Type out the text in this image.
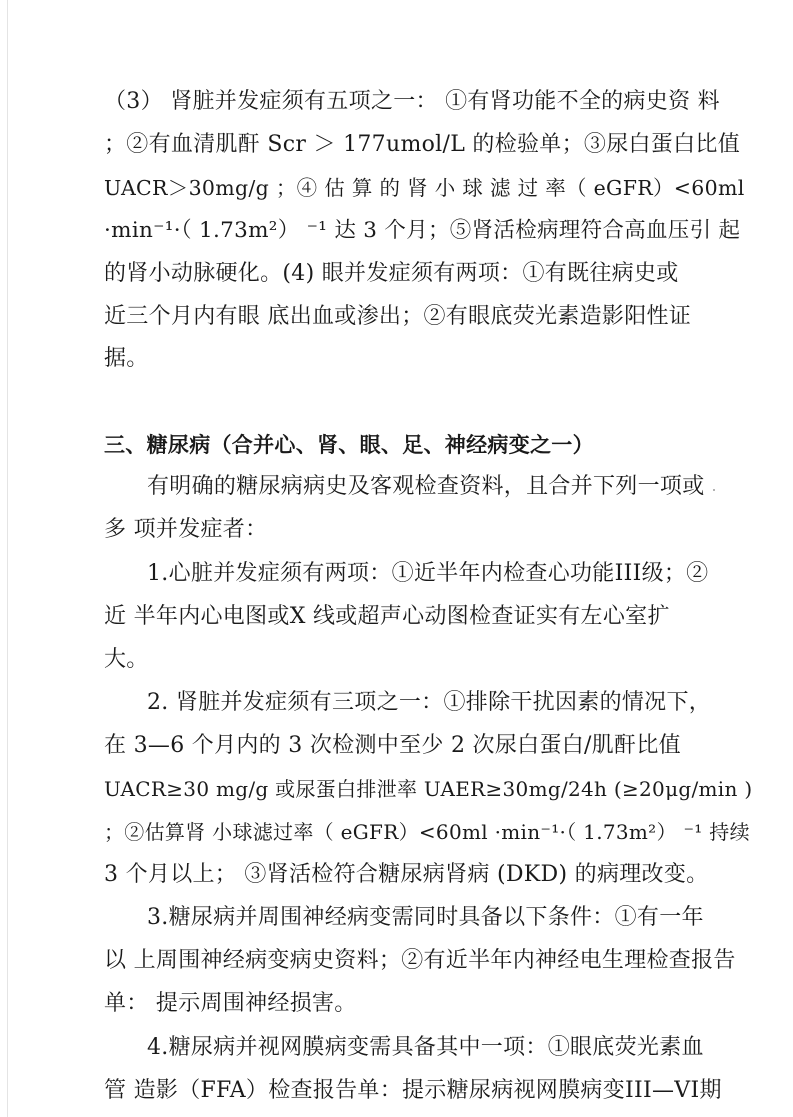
（3） 肾脏并发症须有五项之一： ①有肾功能不全的病史资 料
；②有血清肌酐 Scr ＞ 177umol/L 的检验单；③尿白蛋白比值
UACR＞30mg/g ；④ 估 算 的 肾 小 球 滤 过 率（ eGFR）<60ml
·min⁻¹·（ 1.73m²） ⁻¹ 达 3 个月；⑤肾活检病理符合高血压引 起
的肾小动脉硬化。(4) 眼并发症须有两项：①有既往病史或
近三个月内有眼 底出血或渗出；②有眼底荧光素造影阳性证
据。
三、糖尿病（合并心、肾、眼、足、神经病变之一）
有明确的糖尿病病史及客观检查资料，且合并下列一项或
多 项并发症者：
1.心脏并发症须有两项：①近半年内检查心功能III级；②
近 半年内心电图或X 线或超声心动图检查证实有左心室扩
大。
2. 肾脏并发症须有三项之一：①排除干扰因素的情况下，
在 3—6 个月内的 3 次检测中至少 2 次尿白蛋白/肌酐比值
UACR≥30 mg/g 或尿蛋白排泄率 UAER≥30mg/24h (≥20μg/min )
；②估算肾 小球滤过率（ eGFR）<60ml ·min⁻¹·（ 1.73m²） ⁻¹ 持续
3 个月以上； ③肾活检符合糖尿病肾病 (DKD) 的病理改变。
3.糖尿病并周围神经病变需同时具备以下条件：①有一年
以 上周围神经病变病史资料；②有近半年内神经电生理检查报告
单： 提示周围神经损害。
4.糖尿病并视网膜病变需具备其中一项：①眼底荧光素血
管 造影（FFA）检查报告单：提示糖尿病视网膜病变III—VI期
